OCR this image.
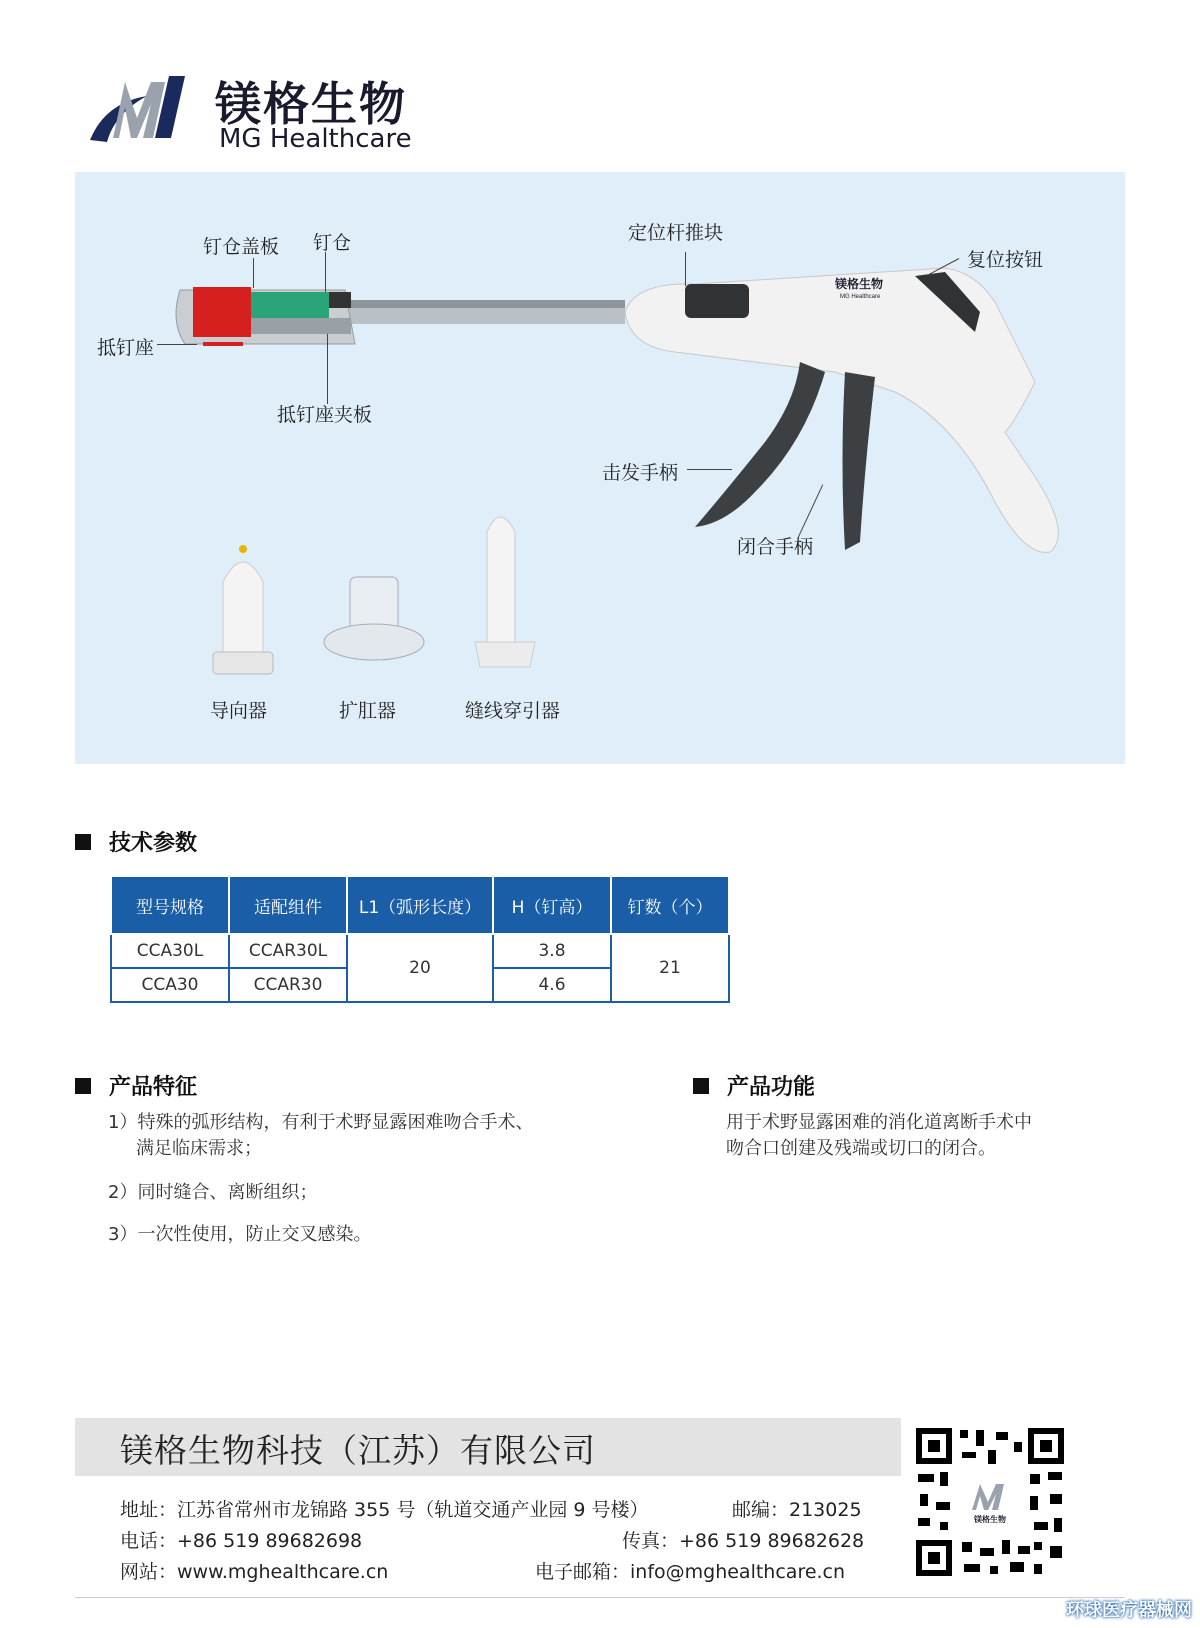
镁格生物
MG Healthcare
镁格生物
MG Healthcare
钉仓盖板 钉仓
抵钉座
抵钉座夹板
定位杆推块
复位按钮
击发手柄
闭合手柄
导向器	扩肛器	缝线穿引器
技术参数
型号规格	适配组件	L1（弧形长度）	H（钉高）	钉数（个）
CCA30L	CCAR30L	20	3.8	21
CCA30	CCAR30		4.6	
产品特征
1）特殊的弧形结构，有利于术野显露困难吻合手术、
满足临床需求；
2）同时缝合、离断组织；
3）一次性使用，防止交叉感染。
产品功能
用于术野显露困难的消化道离断手术中
吻合口创建及残端或切口的闭合。
镁格生物科技（江苏）有限公司
地址：江苏省常州市龙锦路 355 号（轨道交通产业园 9 号楼）	邮编：213025
电话：+86 519 89682698	传真：+86 519 89682628
网站：www.mghealthcare.cn	电子邮箱：info@mghealthcare.cn
镁格生物
环球医疗器械网
